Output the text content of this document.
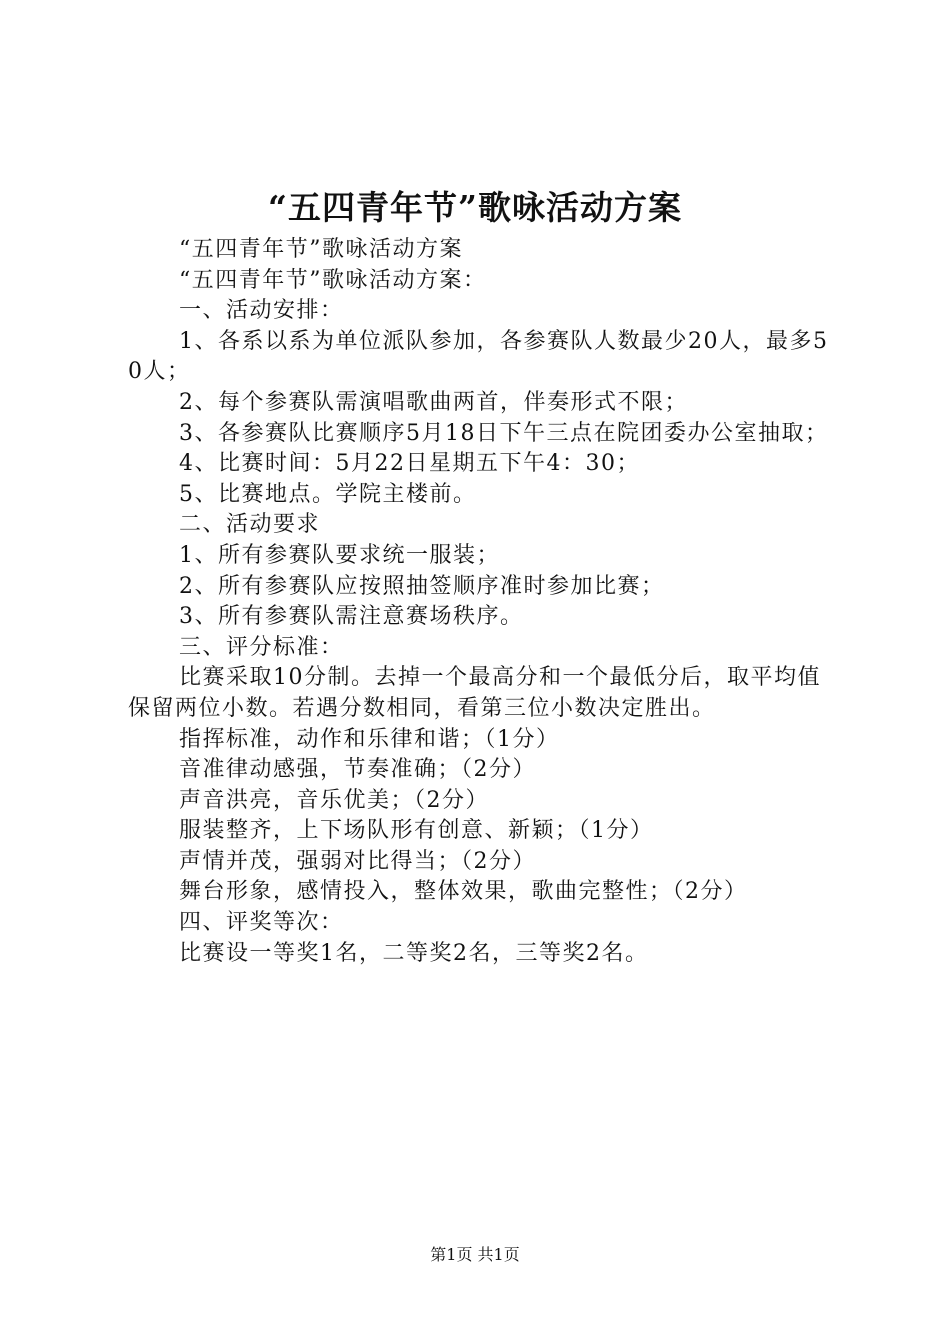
“五四青年节”歌咏活动方案

“五四青年节”歌咏活动方案

“五四青年节”歌咏活动方案：

一、活动安排：

1、各系以系为单位派队参加，各参赛队人数最少20人，最多50人；

2、每个参赛队需演唱歌曲两首，伴奏形式不限；

3、各参赛队比赛顺序5月18日下午三点在院团委办公室抽取；

4、比赛时间：5月22日星期五下午4：30；

5、比赛地点。学院主楼前。

二、活动要求

1、所有参赛队要求统一服装；

2、所有参赛队应按照抽签顺序准时参加比赛；

3、所有参赛队需注意赛场秩序。

三、评分标准：

比赛采取10分制。去掉一个最高分和一个最低分后，取平均值保留两位小数。若遇分数相同，看第三位小数决定胜出。

指挥标准，动作和乐律和谐；（1分）

音准律动感强，节奏准确；（2分）

声音洪亮，音乐优美；（2分）

服装整齐，上下场队形有创意、新颖；（1分）

声情并茂，强弱对比得当；（2分）

舞台形象，感情投入，整体效果，歌曲完整性；（2分）

四、评奖等次：

比赛设一等奖1名，二等奖2名，三等奖2名。

第1页 共1页
